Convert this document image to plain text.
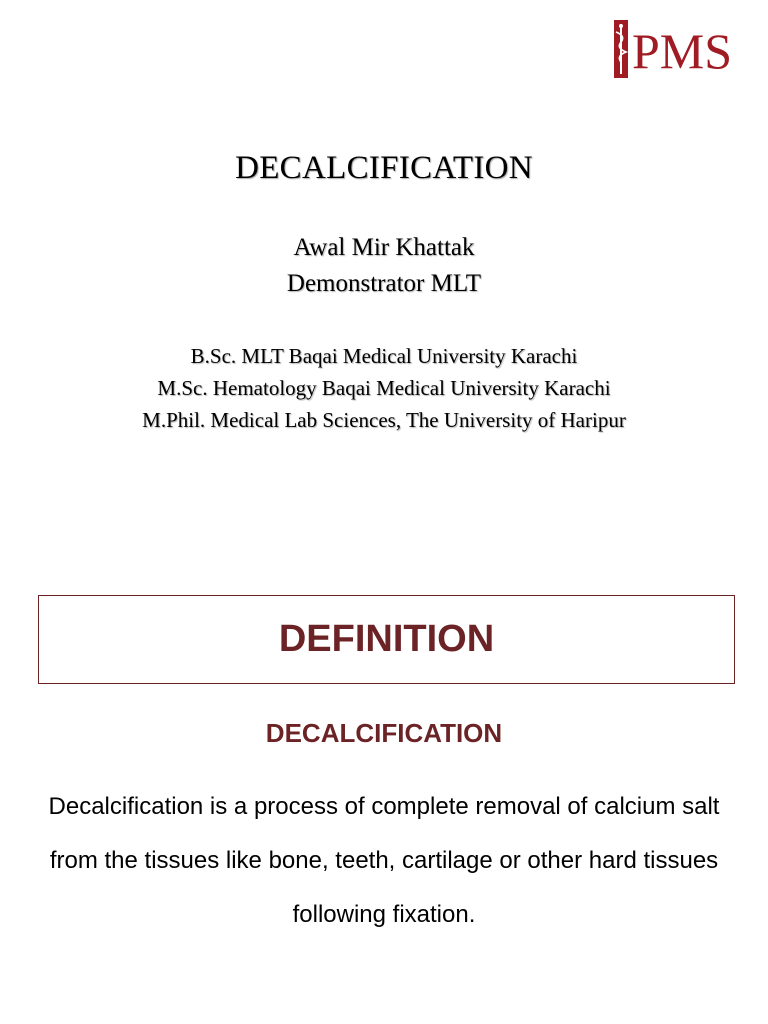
PMS
DECALCIFICATION
Awal Mir Khattak
Demonstrator MLT
B.Sc. MLT Baqai Medical University Karachi
M.Sc. Hematology Baqai Medical University Karachi
M.Phil. Medical Lab Sciences, The University of Haripur
DEFINITION
DECALCIFICATION
Decalcification is a process of complete removal of calcium salt from the tissues like bone, teeth, cartilage or other hard tissues following fixation.
